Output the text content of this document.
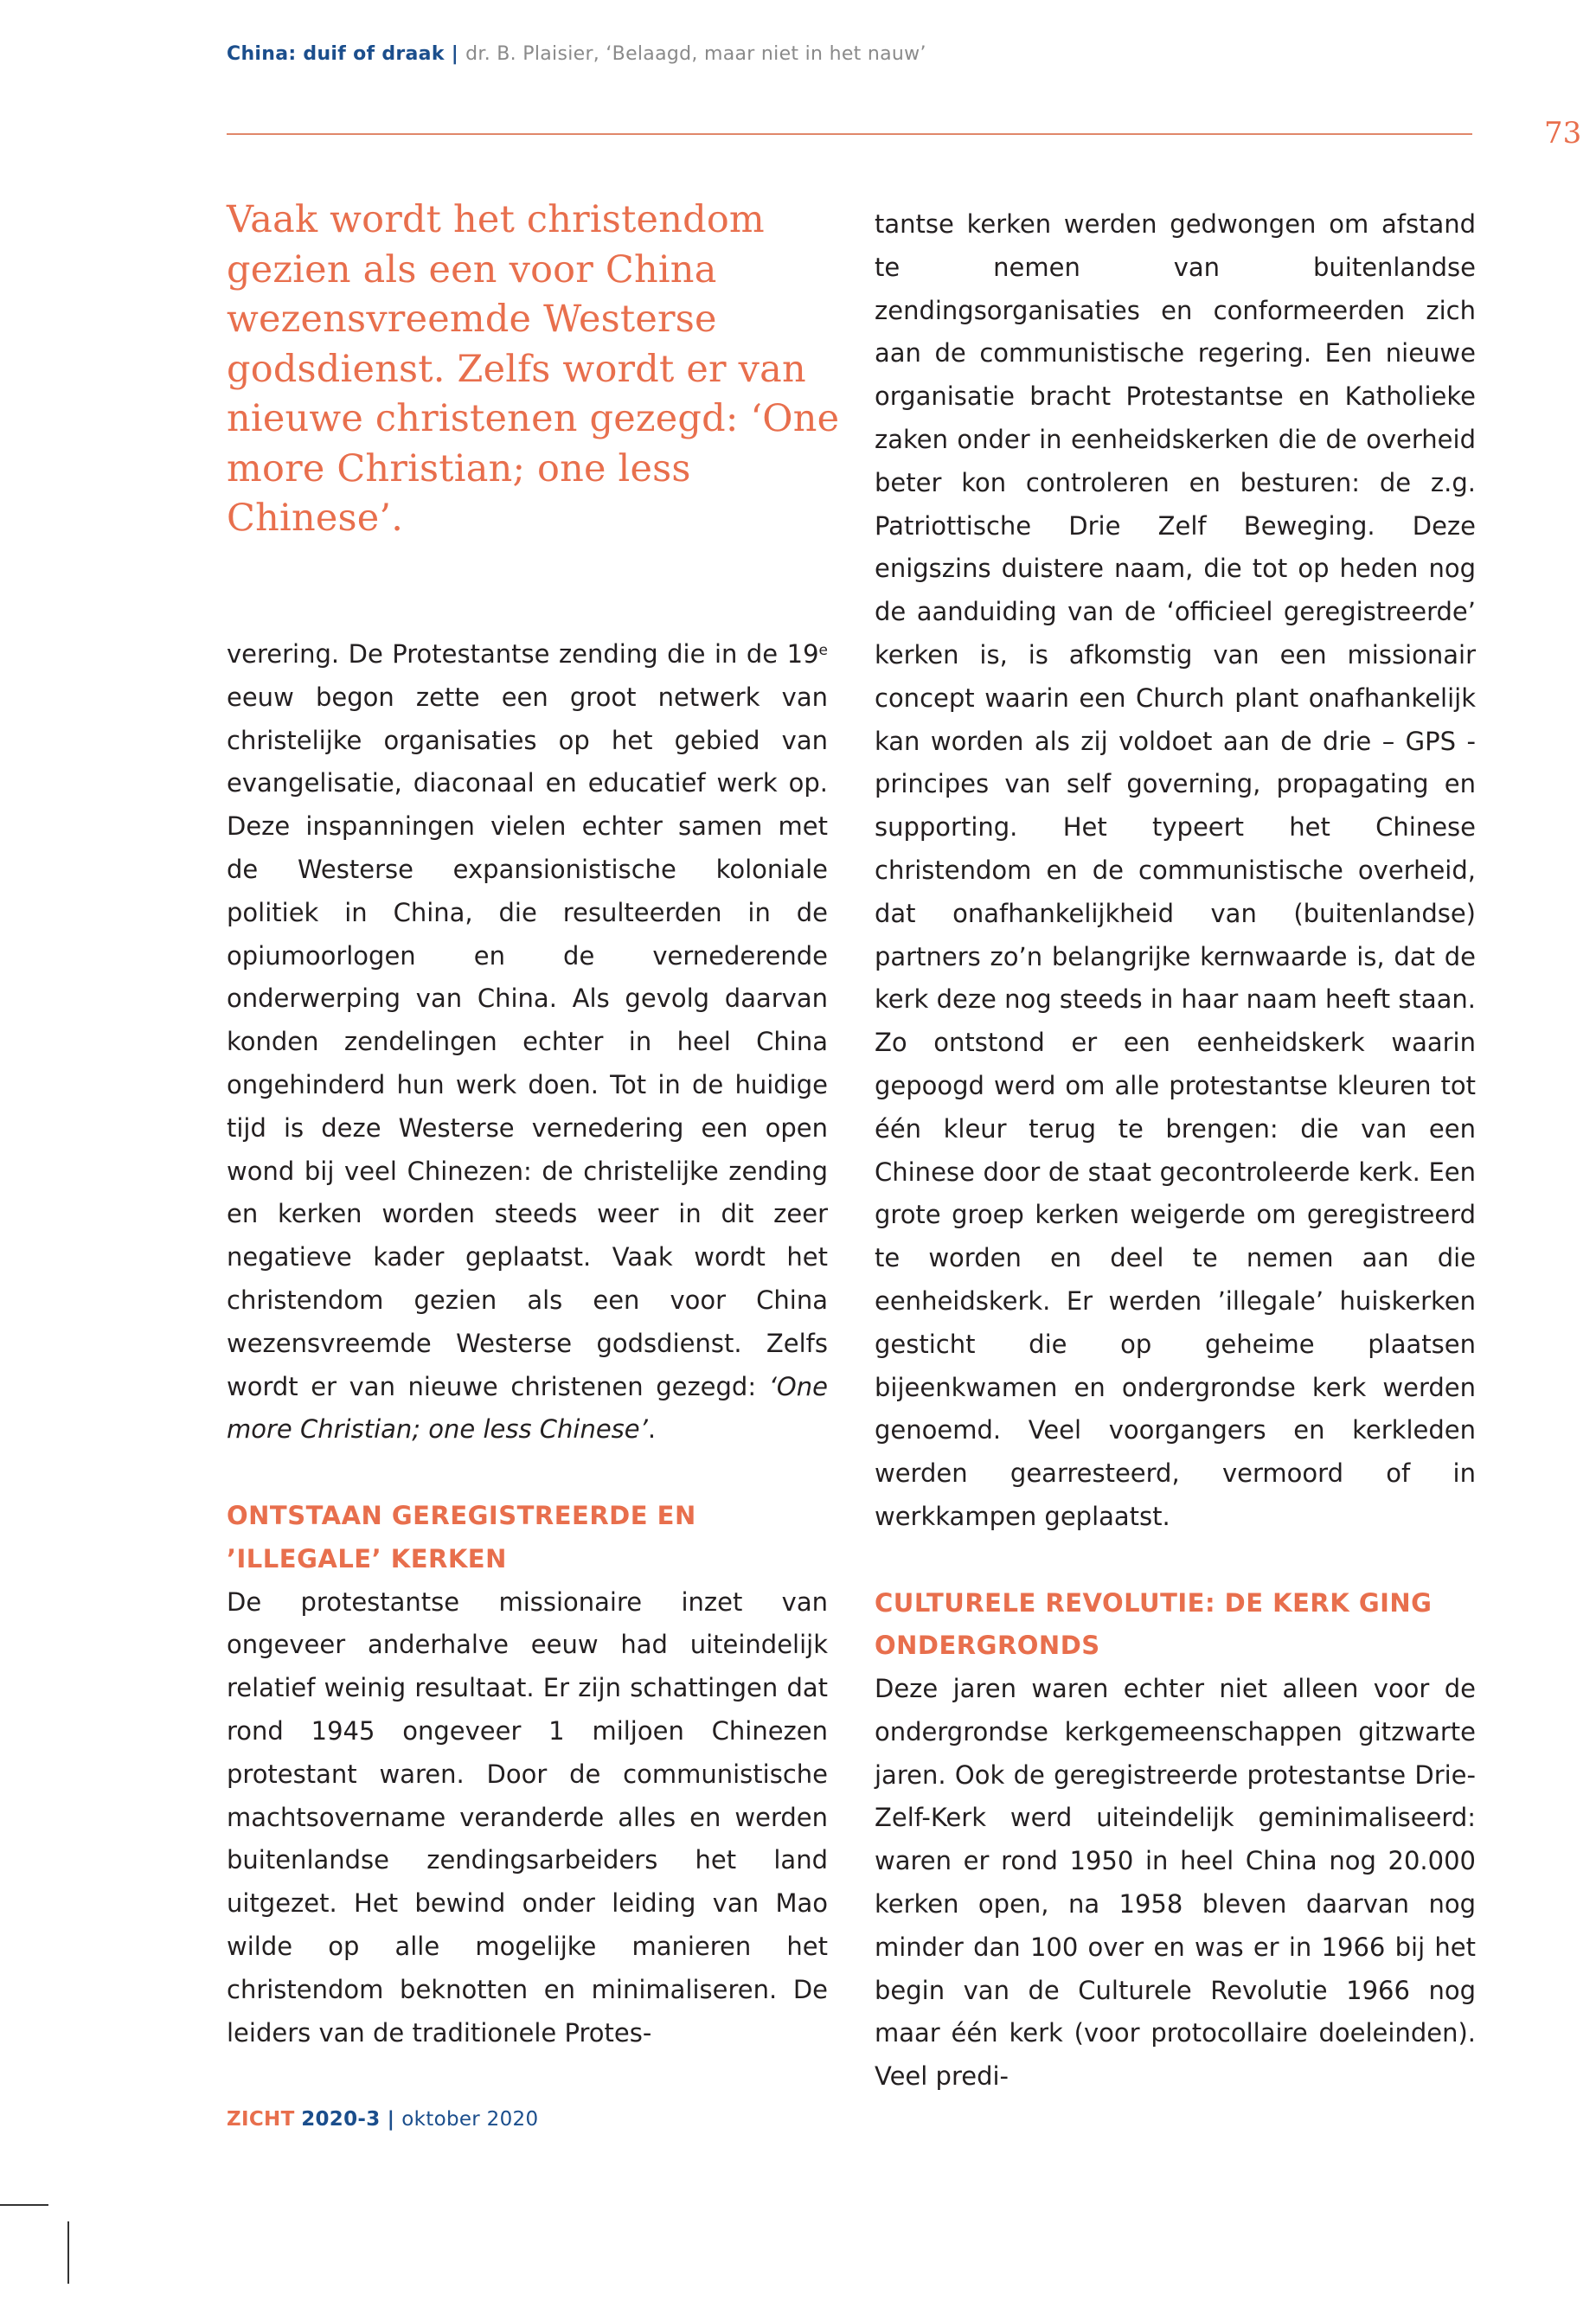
China: duif of draak | dr. B. Plaisier, ‘Belaagd, maar niet in het nauw’
73
Vaak wordt het christendom gezien als een voor China wezensvreemde Westerse godsdienst. Zelfs wordt er van nieuwe christenen gezegd: ‘One more Christian; one less Chinese’.

verering. De Protestantse zending die in de 19e eeuw begon zette een groot netwerk van christelijke organisaties op het gebied van evangelisatie, diaconaal en educatief werk op. Deze inspanningen vielen echter samen met de Westerse expansionistische koloniale politiek in China, die resulteerden in de opiumoorlogen en de vernederende onderwerping van China. Als gevolg daarvan konden zendelingen echter in heel China ongehinderd hun werk doen. Tot in de huidige tijd is deze Westerse vernedering een open wond bij veel Chinezen: de christelijke zending en kerken worden steeds weer in dit zeer negatieve kader geplaatst. Vaak wordt het christendom gezien als een voor China wezensvreemde Westerse godsdienst. Zelfs wordt er van nieuwe christenen gezegd: ‘One more Christian; one less Chinese’.

ONTSTAAN GEREGISTREERDE EN ’ILLEGALE’ KERKEN

De protestantse missionaire inzet van ongeveer anderhalve eeuw had uiteindelijk relatief weinig resultaat. Er zijn schattingen dat rond 1945 ongeveer 1 miljoen Chinezen protestant waren. Door de communistische machtsovername veranderde alles en werden buitenlandse zendingsarbeiders het land uitgezet. Het bewind onder leiding van Mao wilde op alle mogelijke manieren het christendom beknotten en minimaliseren. De leiders van de traditionele Protes-

tantse kerken werden gedwongen om afstand te nemen van buitenlandse zendingsorganisaties en conformeerden zich aan de communistische regering. Een nieuwe organisatie bracht Protestantse en Katholieke zaken onder in eenheidskerken die de overheid beter kon controleren en besturen: de z.g. Patriottische Drie Zelf Beweging. Deze enigszins duistere naam, die tot op heden nog de aanduiding van de ‘officieel geregistreerde’ kerken is, is afkomstig van een missionair concept waarin een Church plant onafhankelijk kan worden als zij voldoet aan de drie – GPS - principes van self governing, propagating en supporting. Het typeert het Chinese christendom en de communistische overheid, dat onafhankelijkheid van (buitenlandse) partners zo’n belangrijke kernwaarde is, dat de kerk deze nog steeds in haar naam heeft staan. Zo ontstond er een eenheidskerk waarin gepoogd werd om alle protestantse kleuren tot één kleur terug te brengen: die van een Chinese door de staat gecontroleerde kerk. Een grote groep kerken weigerde om geregistreerd te worden en deel te nemen aan die eenheidskerk. Er werden ’illegale’ huiskerken gesticht die op geheime plaatsen bijeenkwamen en ondergrondse kerk werden genoemd. Veel voorgangers en kerkleden werden gearresteerd, vermoord of in werkkampen geplaatst.

CULTURELE REVOLUTIE: DE KERK GING ONDERGRONDS

Deze jaren waren echter niet alleen voor de ondergrondse kerkgemeenschappen gitzwarte jaren. Ook de geregistreerde protestantse Drie-Zelf-Kerk werd uiteindelijk geminimaliseerd: waren er rond 1950 in heel China nog 20.000 kerken open, na 1958 bleven daarvan nog minder dan 100 over en was er in 1966 bij het begin van de Culturele Revolutie 1966 nog maar één kerk (voor protocollaire doeleinden). Veel predi-

ZICHT 2020-3 | oktober 2020
